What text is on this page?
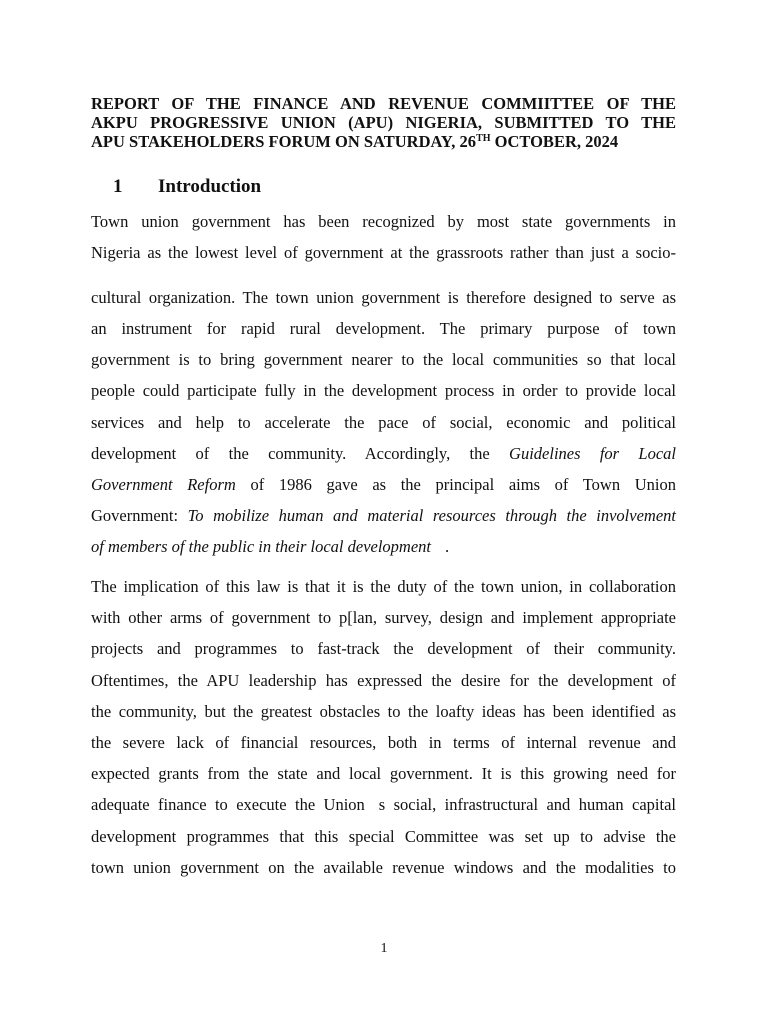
REPORT OF THE FINANCE AND REVENUE COMMIITTEE OF THE
AKPU PROGRESSIVE UNION (APU) NIGERIA, SUBMITTED TO THE
APU STAKEHOLDERS FORUM ON SATURDAY, 26TH OCTOBER, 2024
1 Introduction
Town union government has been recognized by most state governments in
Nigeria as the lowest level of government at the grassroots rather than just a socio-
cultural organization. The town union government is therefore designed to serve as
an instrument for rapid rural development. The primary purpose of town
government is to bring government nearer to the local communities so that local
people could participate fully in the development process in order to provide local
services and help to accelerate the pace of social, economic and political
development of the community. Accordingly, the Guidelines for Local
Government Reform of 1986 gave as the principal aims of Town Union
Government: To mobilize human and material resources through the involvement
of members of the public in their local development .
The implication of this law is that it is the duty of the town union, in collaboration
with other arms of government to p[lan, survey, design and implement appropriate
projects and programmes to fast-track the development of their community.
Oftentimes, the APU leadership has expressed the desire for the development of
the community, but the greatest obstacles to the loafty ideas has been identified as
the severe lack of financial resources, both in terms of internal revenue and
expected grants from the state and local government. It is this growing need for
adequate finance to execute the Union s social, infrastructural and human capital
development programmes that this special Committee was set up to advise the
town union government on the available revenue windows and the modalities to
1
